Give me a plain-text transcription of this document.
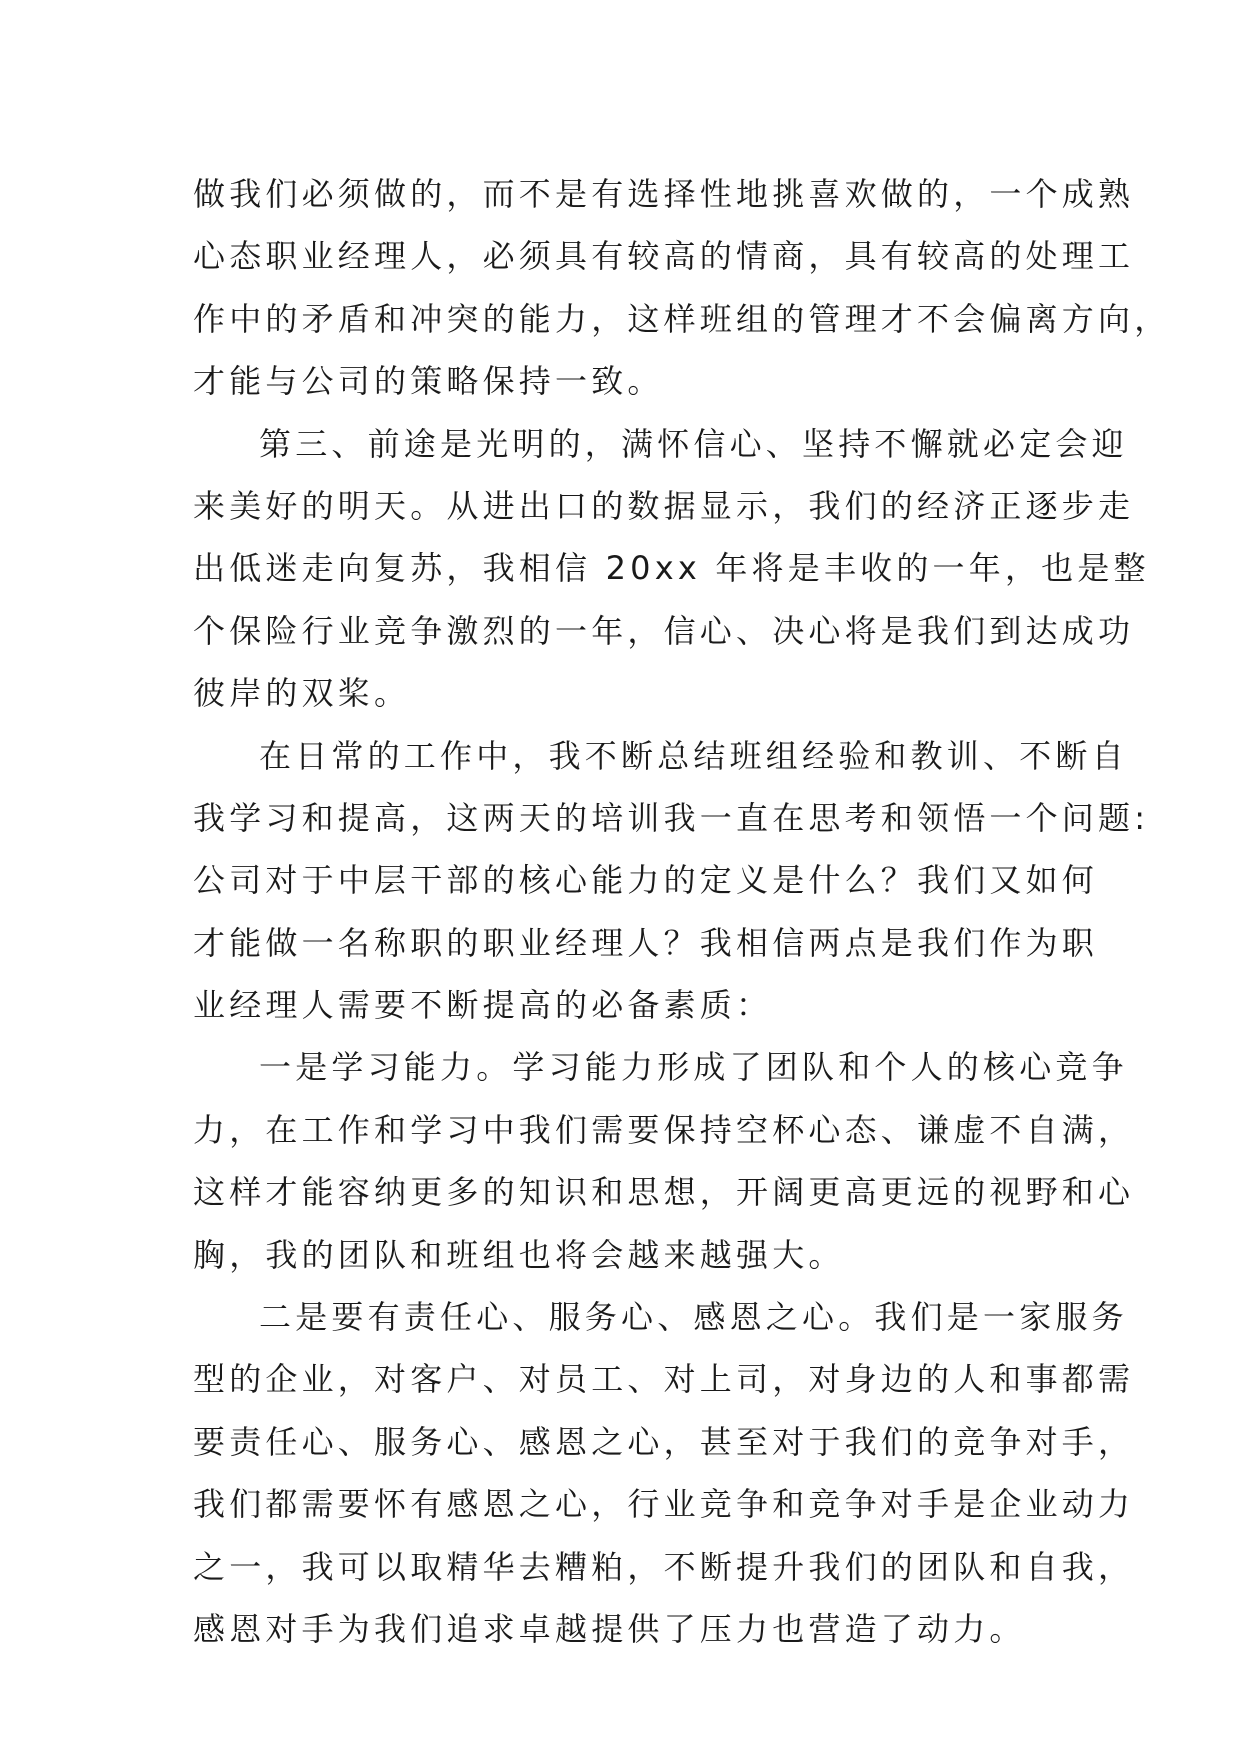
做我们必须做的，而不是有选择性地挑喜欢做的，一个成熟
心态职业经理人，必须具有较高的情商，具有较高的处理工
作中的矛盾和冲突的能力，这样班组的管理才不会偏离方向，
才能与公司的策略保持一致。
第三、前途是光明的，满怀信心、坚持不懈就必定会迎
来美好的明天。从进出口的数据显示，我们的经济正逐步走
出低迷走向复苏，我相信 20xx 年将是丰收的一年，也是整
个保险行业竞争激烈的一年，信心、决心将是我们到达成功
彼岸的双桨。
在日常的工作中，我不断总结班组经验和教训、不断自
我学习和提高，这两天的培训我一直在思考和领悟一个问题:
公司对于中层干部的核心能力的定义是什么？我们又如何
才能做一名称职的职业经理人？我相信两点是我们作为职
业经理人需要不断提高的必备素质：
一是学习能力。学习能力形成了团队和个人的核心竞争
力，在工作和学习中我们需要保持空杯心态、谦虚不自满，
这样才能容纳更多的知识和思想，开阔更高更远的视野和心
胸，我的团队和班组也将会越来越强大。
二是要有责任心、服务心、感恩之心。我们是一家服务
型的企业，对客户、对员工、对上司，对身边的人和事都需
要责任心、服务心、感恩之心，甚至对于我们的竞争对手，
我们都需要怀有感恩之心，行业竞争和竞争对手是企业动力
之一，我可以取精华去糟粕，不断提升我们的团队和自我，
感恩对手为我们追求卓越提供了压力也营造了动力。
